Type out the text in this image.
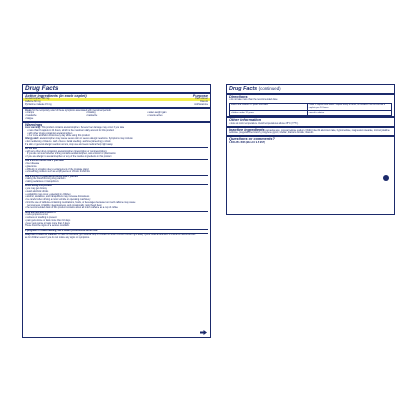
Drug Facts
Active ingredients (in each caplet)	Purpose
Acetaminophen 500 mg	Pain reliever
Caffeine 60 mg	Diuretic
Pyrilamine maleate 15 mg	Antihistamine
Uses for the temporary relief of these symptoms associated with menstrual periods:
• cramps	• bloating	• water-weight gain
• headache	• backache	• muscle aches
• fatigue
Warnings
Liver warning: This product contains acetaminophen. Severe liver damage may occur if you take
• more than 8 caplets in 24 hours, which is the maximum daily amount for this product
• with other drugs containing acetaminophen
• 3 or more alcoholic drinks every day while using this product
Allergy alert: acetaminophen may cause severe skin or severe allergic reactions. Symptoms may include:
• skin reddening • blisters • rash • hives • facial swelling • asthma (wheezing) • shock
If a skin or general allergic reaction occurs, stop use and seek medical help right away.
Do not use
• with any other drug containing acetaminophen (prescription or nonprescription).
If you are not sure whether a drug contains acetaminophen, ask a doctor or pharmacist.
• if you are allergic to acetaminophen or any of the inactive ingredients in this product
Ask a doctor before use if you have
• liver disease
• glaucoma
• difficulty in urination due to enlargement of the prostate gland
• a breathing problem such as emphysema or chronic bronchitis
Ask a doctor or pharmacist before use if you are
• taking the blood thinning drug warfarin
• taking sedatives or tranquilizers
When using this product
• you may get drowsy
• avoid alcoholic drinks
• excitability may occur, especially in children
• alcohol, sedatives, and tranquilizers may increase drowsiness
• be careful when driving a motor vehicle or operating machinery
• limit the use of caffeine-containing medications, foods, or beverages because too much caffeine may cause
nervousness, irritability, sleeplessness, and occasionally, rapid heart beat
• the recommended dose of this product contains about as much caffeine as a cup of coffee
Stop use and ask a doctor if
• new symptoms occur
• redness or swelling is present
• pain gets worse or lasts more than 10 days
• fever gets worse or lasts more than 3 days
These could be signs of a serious condition.
If pregnant or breast-feeding, ask a health professional before use.
Keep out of reach of children. In case of overdose, get medical help or contact a Poison Control Center right away. Quick medical attention is critical for adults as well as for children even if you do not notice any signs or symptoms.
Drug Facts (continued)
Directions
• do not take more than the recommended dose
adults and children 12 years and older	• take 2 caplets with water • repeat every 6 hours, as needed • do not exceed 8 caplets per 24 hours
children under 12 years	consult a doctor
Other information
• store at room temperature. Avoid temperatures above 25°C (77°F).
Inactive ingredients carnauba wax, croscarmellose sodium, FD&C blue #2 aluminum lake, hypromellose, magnesium stearate, microcrystalline cellulose, pregelatinized starch, propylene glycol, shellac, titanium dioxide, triacetin
Questions or comments?
1-800-251-4536 (Mon-Fri 9-5 EST)
